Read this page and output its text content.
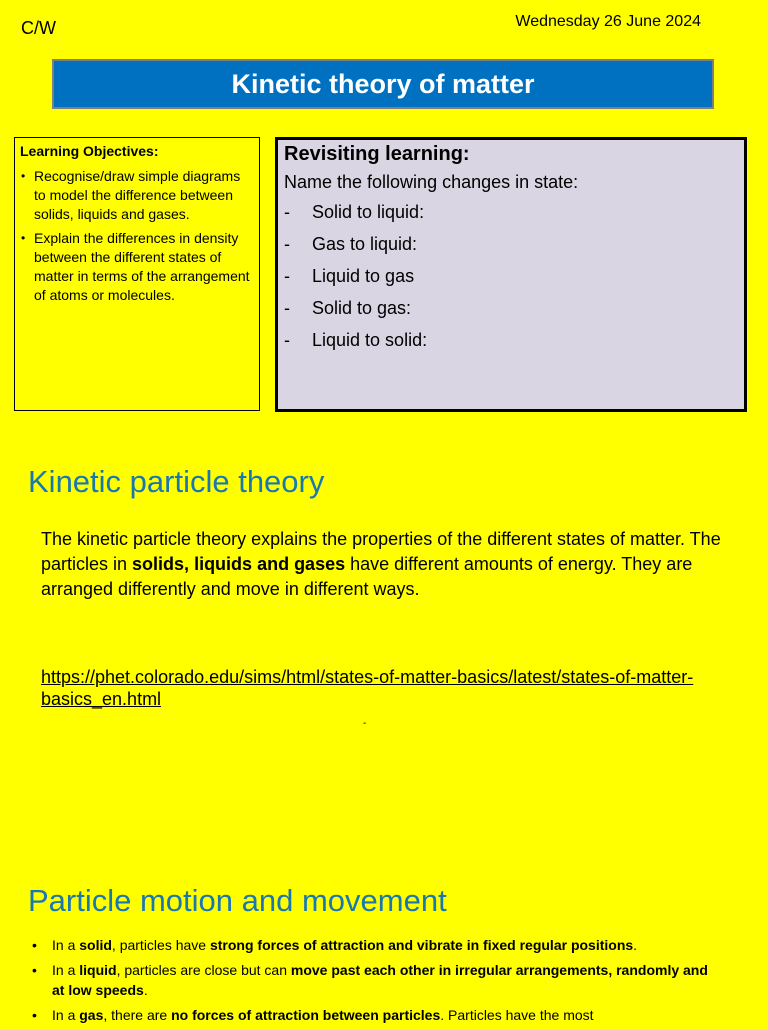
C/W	Wednesday 26 June 2024
Kinetic theory of matter
Learning Objectives:
• Recognise/draw simple diagrams to model the difference between solids, liquids and gases.
• Explain the differences in density between the different states of matter in terms of the arrangement of atoms or molecules.
Revisiting learning:
Name the following changes in state:
- Solid to liquid:
- Gas to liquid:
- Liquid to gas
- Solid to gas:
- Liquid to solid:
Kinetic particle theory
The kinetic particle theory explains the properties of the different states of matter. The particles in solids, liquids and gases have different amounts of energy. They are arranged differently and move in different ways.
https://phet.colorado.edu/sims/html/states-of-matter-basics/latest/states-of-matter-basics_en.html
-
Particle motion and movement
• In a solid, particles have strong forces of attraction and vibrate in fixed regular positions.
• In a liquid, particles are close but can move past each other in irregular arrangements, randomly and at low speeds.
• In a gas, there are no forces of attraction between particles. Particles have the most
